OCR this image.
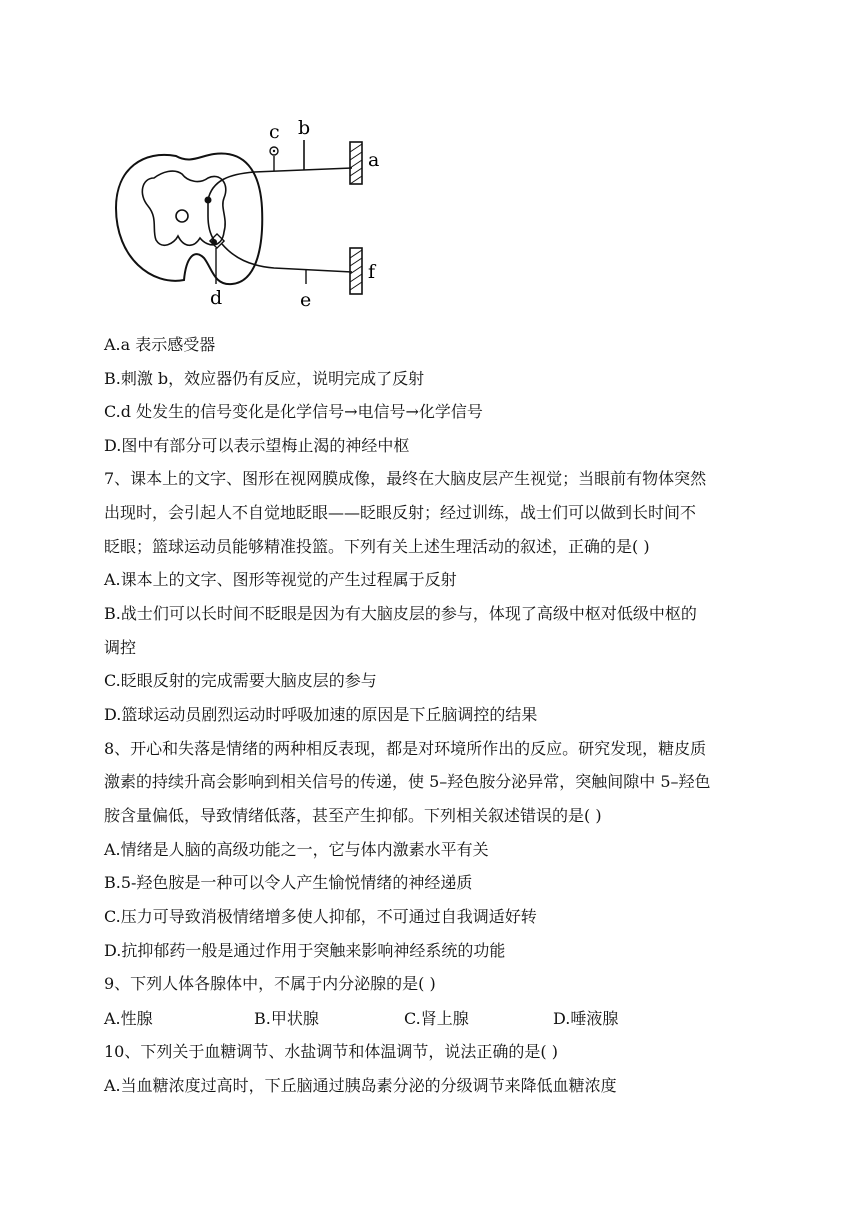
c b
a
d	e
f
A.a 表示感受器
B.刺激 b，效应器仍有反应，说明完成了反射
C.d 处发生的信号变化是化学信号→电信号→化学信号
D.图中有部分可以表示望梅止渴的神经中枢
7、课本上的文字、图形在视网膜成像，最终在大脑皮层产生视觉；当眼前有物体突然
出现时，会引起人不自觉地眨眼——眨眼反射；经过训练，战士们可以做到长时间不
眨眼；篮球运动员能够精准投篮。下列有关上述生理活动的叙述，正确的是( )
A.课本上的文字、图形等视觉的产生过程属于反射
B.战士们可以长时间不眨眼是因为有大脑皮层的参与，体现了高级中枢对低级中枢的
调控
C.眨眼反射的完成需要大脑皮层的参与
D.篮球运动员剧烈运动时呼吸加速的原因是下丘脑调控的结果
8、开心和失落是情绪的两种相反表现，都是对环境所作出的反应。研究发现，糖皮质
激素的持续升高会影响到相关信号的传递，使 5–羟色胺分泌异常，突触间隙中 5–羟色
胺含量偏低，导致情绪低落，甚至产生抑郁。下列相关叙述错误的是( )
A.情绪是人脑的高级功能之一，它与体内激素水平有关
B.5-羟色胺是一种可以令人产生愉悦情绪的神经递质
C.压力可导致消极情绪增多使人抑郁，不可通过自我调适好转
D.抗抑郁药一般是通过作用于突触来影响神经系统的功能
9、下列人体各腺体中，不属于内分泌腺的是( )
A.性腺	B.甲状腺	C.肾上腺	D.唾液腺
10、下列关于血糖调节、水盐调节和体温调节，说法正确的是( )
A.当血糖浓度过高时，下丘脑通过胰岛素分泌的分级调节来降低血糖浓度
